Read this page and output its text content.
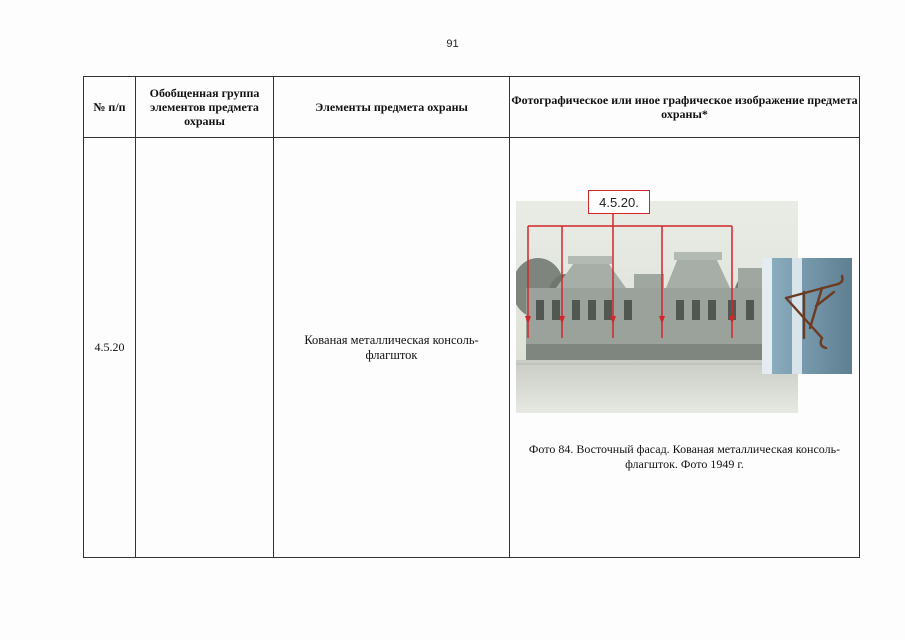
91
№ п/п	Обобщенная группа элементов предмета охраны	Элементы предмета охраны	Фотографическое или иное графическое изображение предмета охраны*
4.5.20		Кованая металлическая консоль-флагшток	4.5.20.
Фото 84. Восточный фасад. Кованая металлическая консоль-флагшток. Фото 1949 г.
